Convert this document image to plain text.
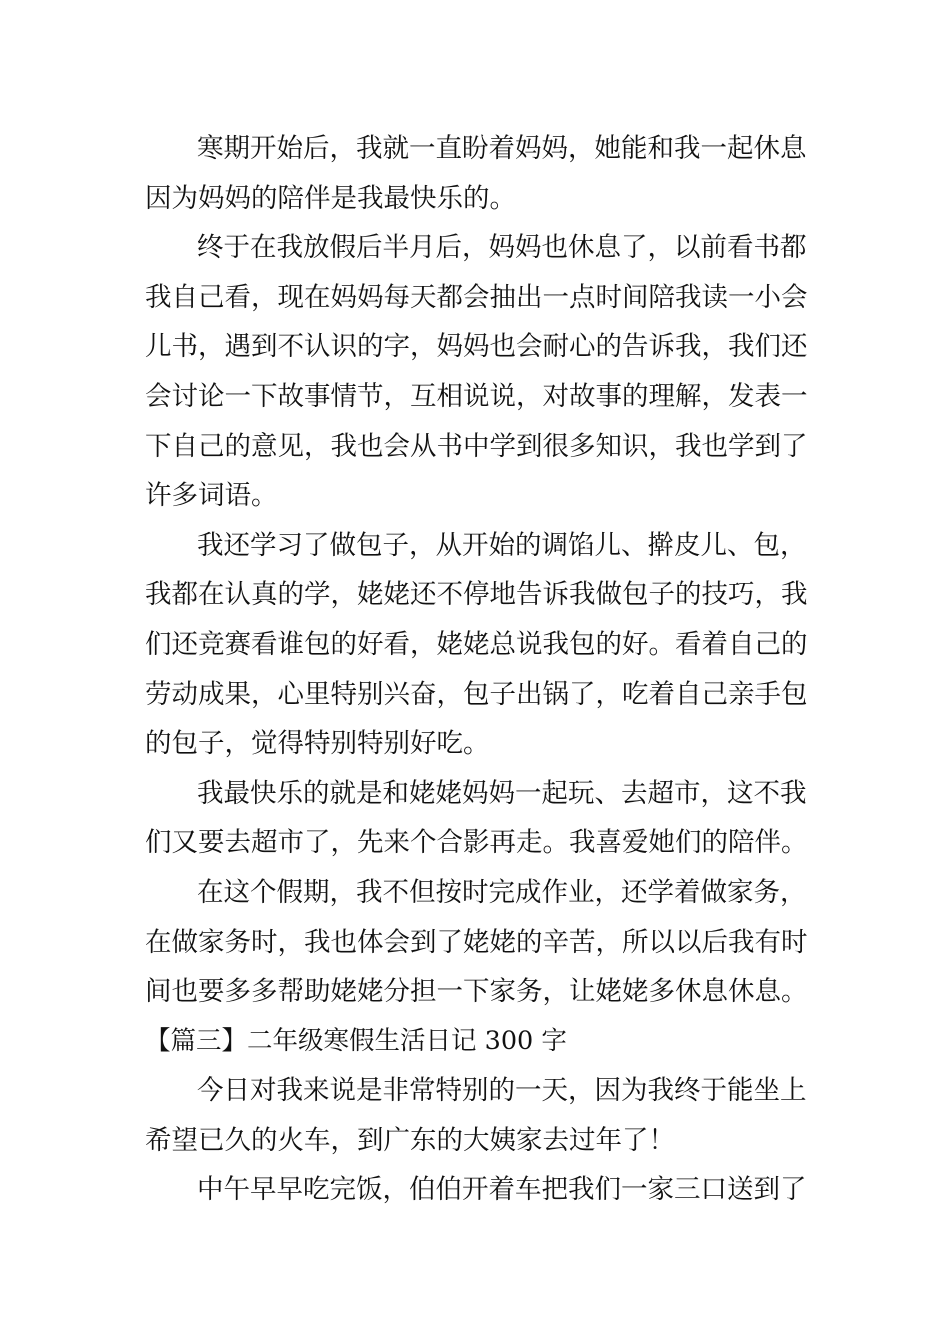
寒期开始后，我就一直盼着妈妈，她能和我一起休息
因为妈妈的陪伴是我最快乐的。
终于在我放假后半月后，妈妈也休息了，以前看书都
我自己看，现在妈妈每天都会抽出一点时间陪我读一小会
儿书，遇到不认识的字，妈妈也会耐心的告诉我，我们还
会讨论一下故事情节，互相说说，对故事的理解，发表一
下自己的意见，我也会从书中学到很多知识，我也学到了
许多词语。
我还学习了做包子，从开始的调馅儿、擀皮儿、包，
我都在认真的学，姥姥还不停地告诉我做包子的技巧，我
们还竞赛看谁包的好看，姥姥总说我包的好。看着自己的
劳动成果，心里特别兴奋，包子出锅了，吃着自己亲手包
的包子，觉得特别特别好吃。
我最快乐的就是和姥姥妈妈一起玩、去超市，这不我
们又要去超市了，先来个合影再走。我喜爱她们的陪伴。
在这个假期，我不但按时完成作业，还学着做家务，
在做家务时，我也体会到了姥姥的辛苦，所以以后我有时
间也要多多帮助姥姥分担一下家务，让姥姥多休息休息。
【篇三】二年级寒假生活日记 300 字
今日对我来说是非常特别的一天，因为我终于能坐上
希望已久的火车，到广东的大姨家去过年了！
中午早早吃完饭，伯伯开着车把我们一家三口送到了
